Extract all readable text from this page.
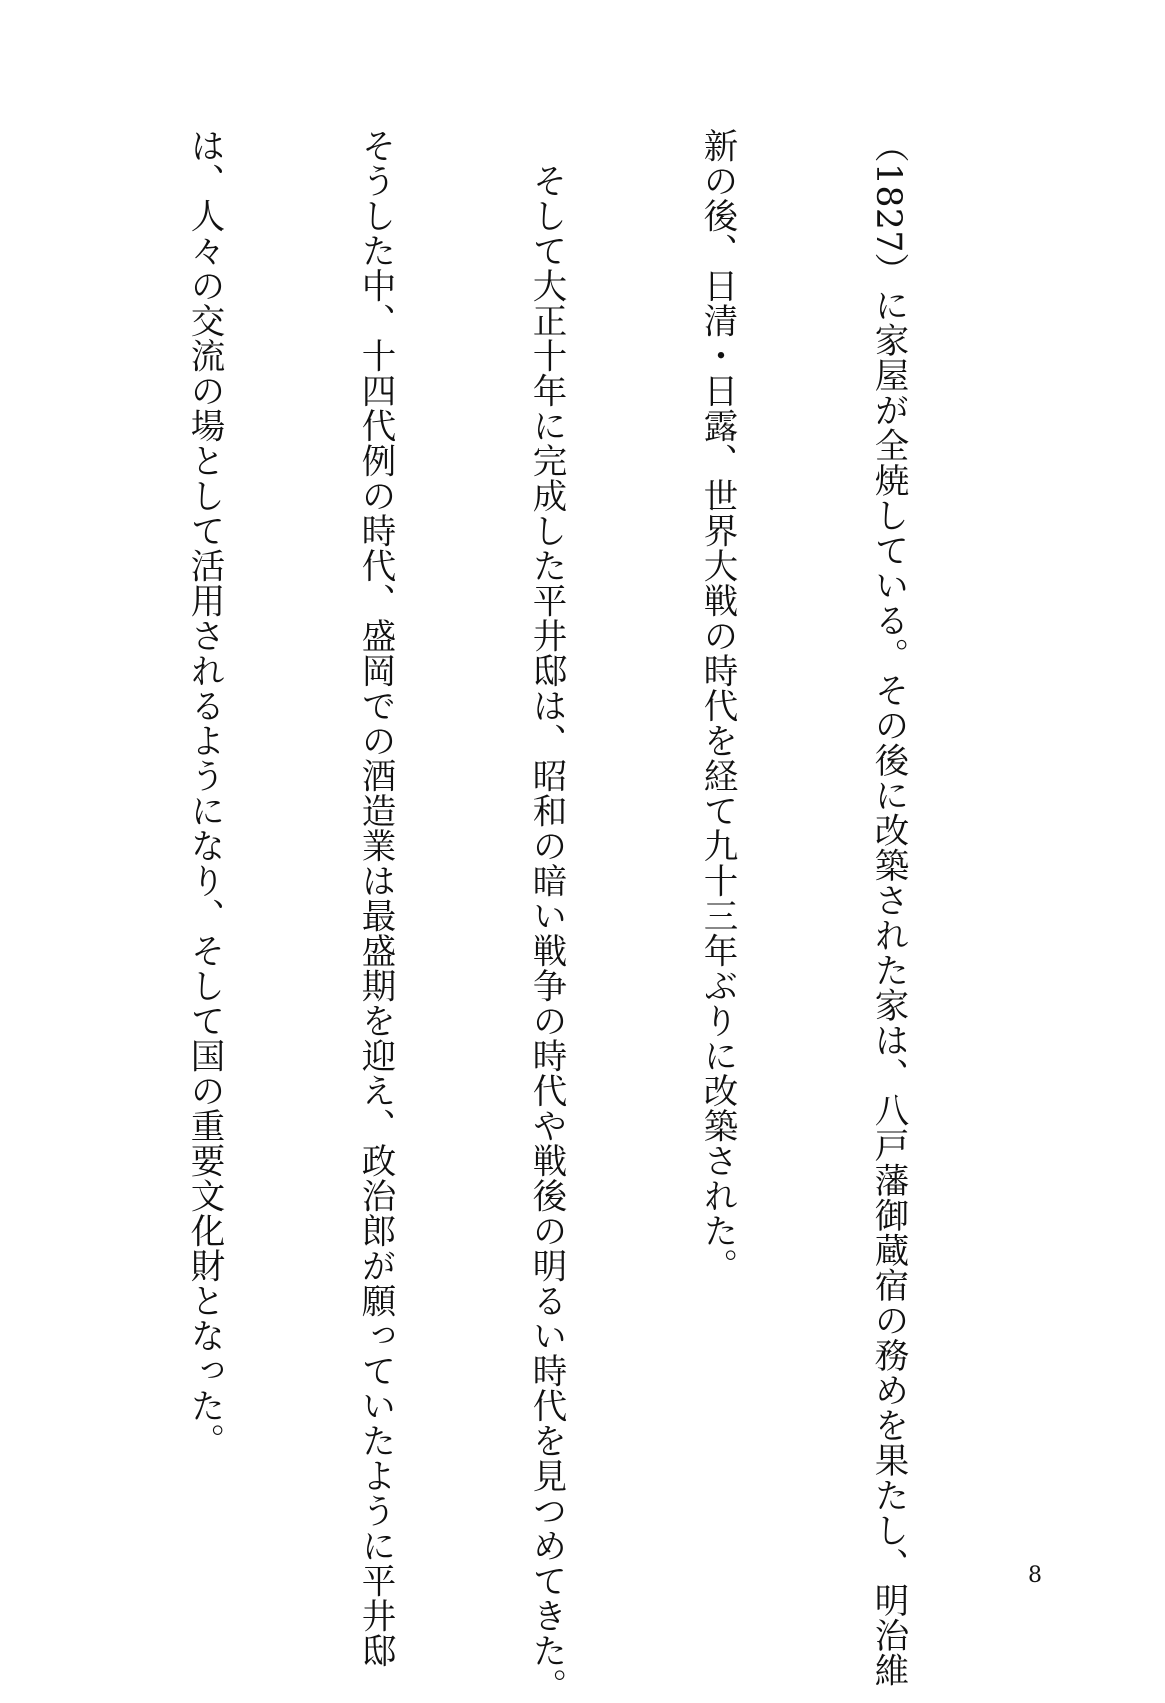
（1827）に家屋が全焼している。その後に改築された家は、八戸藩御蔵宿の務めを果たし、明治維

新の後、日清・日露、世界大戦の時代を経て九十三年ぶりに改築された。

そして大正十年に完成した平井邸は、昭和の暗い戦争の時代や戦後の明るい時代を見つめてきた。

そうした中、十四代例の時代、盛岡での酒造業は最盛期を迎え、政治郎が願っていたように平井邸

は、人々の交流の場として活用されるようになり、そして国の重要文化財となった。

8
